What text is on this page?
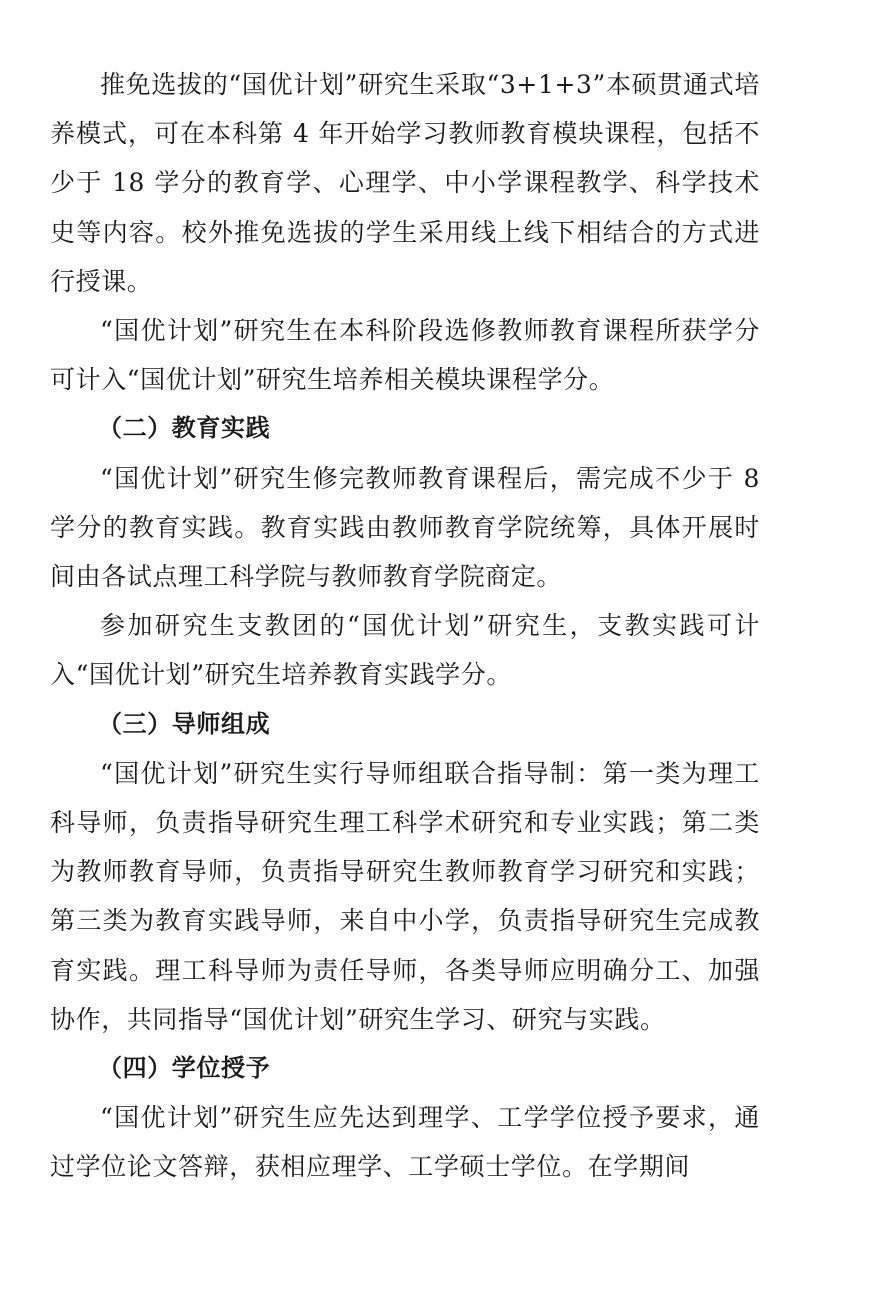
推免选拔的“国优计划”研究生采取“3+1+3”本硕贯通式培养模式，可在本科第 4 年开始学习教师教育模块课程，包括不少于 18 学分的教育学、心理学、中小学课程教学、科学技术史等内容。校外推免选拔的学生采用线上线下相结合的方式进行授课。

“国优计划”研究生在本科阶段选修教师教育课程所获学分可计入“国优计划”研究生培养相关模块课程学分。

（二）教育实践

“国优计划”研究生修完教师教育课程后，需完成不少于 8 学分的教育实践。教育实践由教师教育学院统筹，具体开展时间由各试点理工科学院与教师教育学院商定。

参加研究生支教团的“国优计划”研究生，支教实践可计入“国优计划”研究生培养教育实践学分。

（三）导师组成

“国优计划”研究生实行导师组联合指导制：第一类为理工科导师，负责指导研究生理工科学术研究和专业实践；第二类为教师教育导师，负责指导研究生教师教育学习研究和实践；第三类为教育实践导师，来自中小学，负责指导研究生完成教育实践。理工科导师为责任导师，各类导师应明确分工、加强协作，共同指导“国优计划”研究生学习、研究与实践。

（四）学位授予

“国优计划”研究生应先达到理学、工学学位授予要求，通过学位论文答辩，获相应理学、工学硕士学位。在学期间
